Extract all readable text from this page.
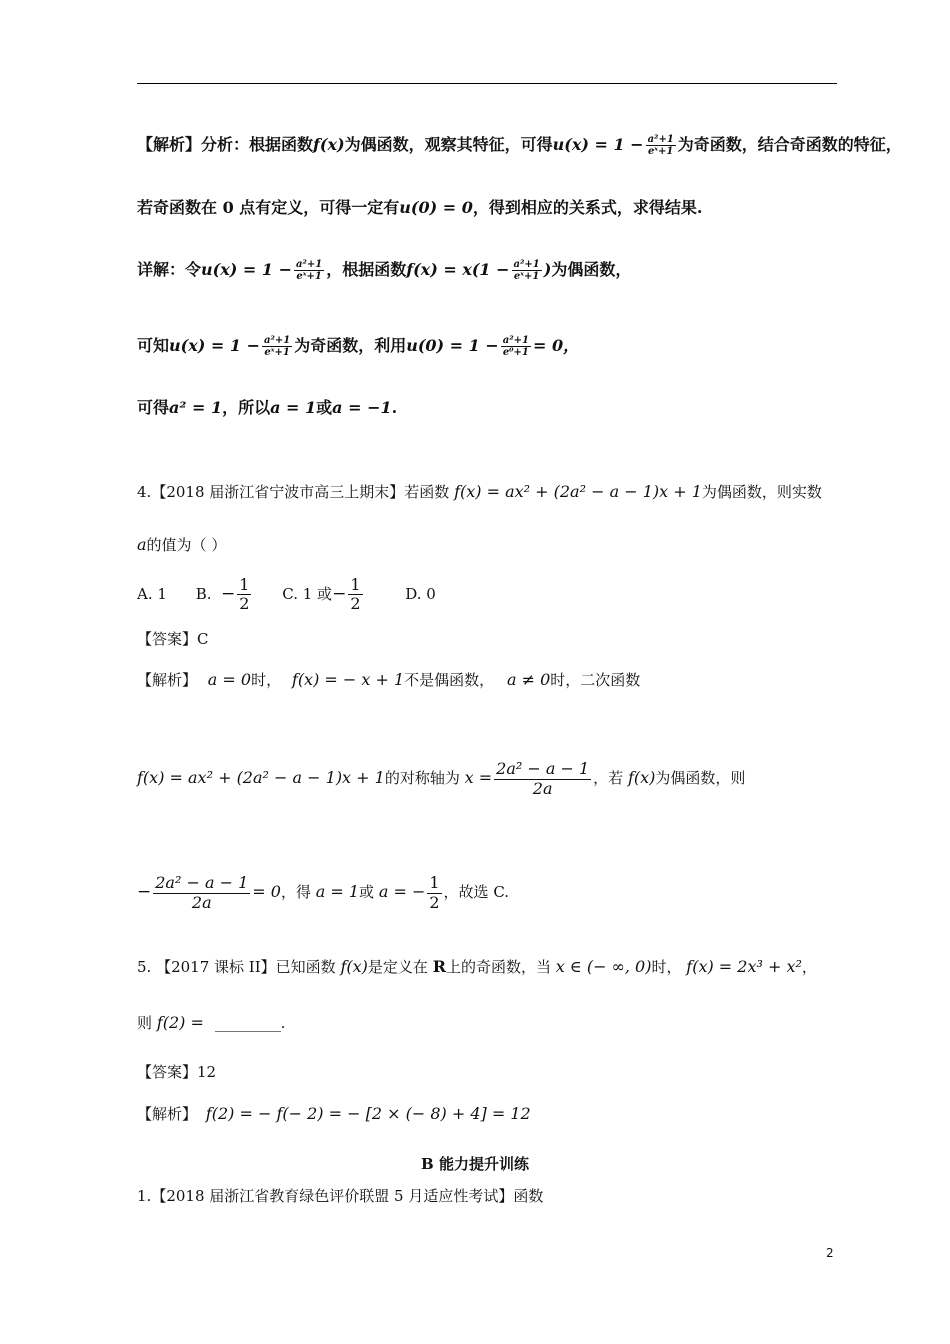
【解析】分析：根据函数f(x)为偶函数，观察其特征，可得$u(x) = 1 - \frac{\text{a²+1}}{\text{eˣ+1}}$ 为奇函数，结合奇函数的特征，
若奇函数在 0 点有定义，可得一定有u(0) = 0，得到相应的关系式，求得结果.
详解：令$u(x) = 1 - \frac{\text{a²+1}}{\text{eˣ+1}}$ ，根据函数$f(x) = x(1 - \frac{\text{a²+1}}{\text{eˣ+1}}$ )为偶函数，
可知$u(x) = 1 - \frac{\text{a²+1}}{\text{eˣ+1}}$ 为奇函数，利用$u(0) = 1 - \frac{\text{a²+1}}{\text{e⁰+1}} = 0$，
可得a² = 1，所以a = 1或a = −1.
4.【2018 届浙江省宁波市高三上期末】若函数 f(x) = ax² + (2a² − a − 1)x + 1为偶函数，则实数
a的值为（ ）
A. 1 B. − $\frac{1}{2} C$. 1 或− $\frac{1}{2}$	D. 0
【答案】C
【解析】 a = 0时， f(x) = − x + 1不是偶函数， a ≠ 0时，二次函数
f(x) = ax² + (2a² − a − 1)x + 1的对称轴为 $x = \frac{\text{2a² − a − 1}}{2a}$ ，若 f(x)为偶函数，则
− $\frac{\text{2a² − a − 1}}{2a} = 0$，得 a = 1或 a = − $\frac{1}{2}$ ，故选 C.
5. 【2017 课标 II】已知函数 f(x)是定义在 R上的奇函数，当 x ∈ (− ∞, 0)时， f(x) = 2x³ + x²，
则 f(2) =	.
【答案】12
【解析】 f(2) = − f(− 2) = − [2 × (− 8) + 4] = 12
B 能力提升训练
1.【2018 届浙江省教育绿色评价联盟 5 月适应性考试】函数
2
